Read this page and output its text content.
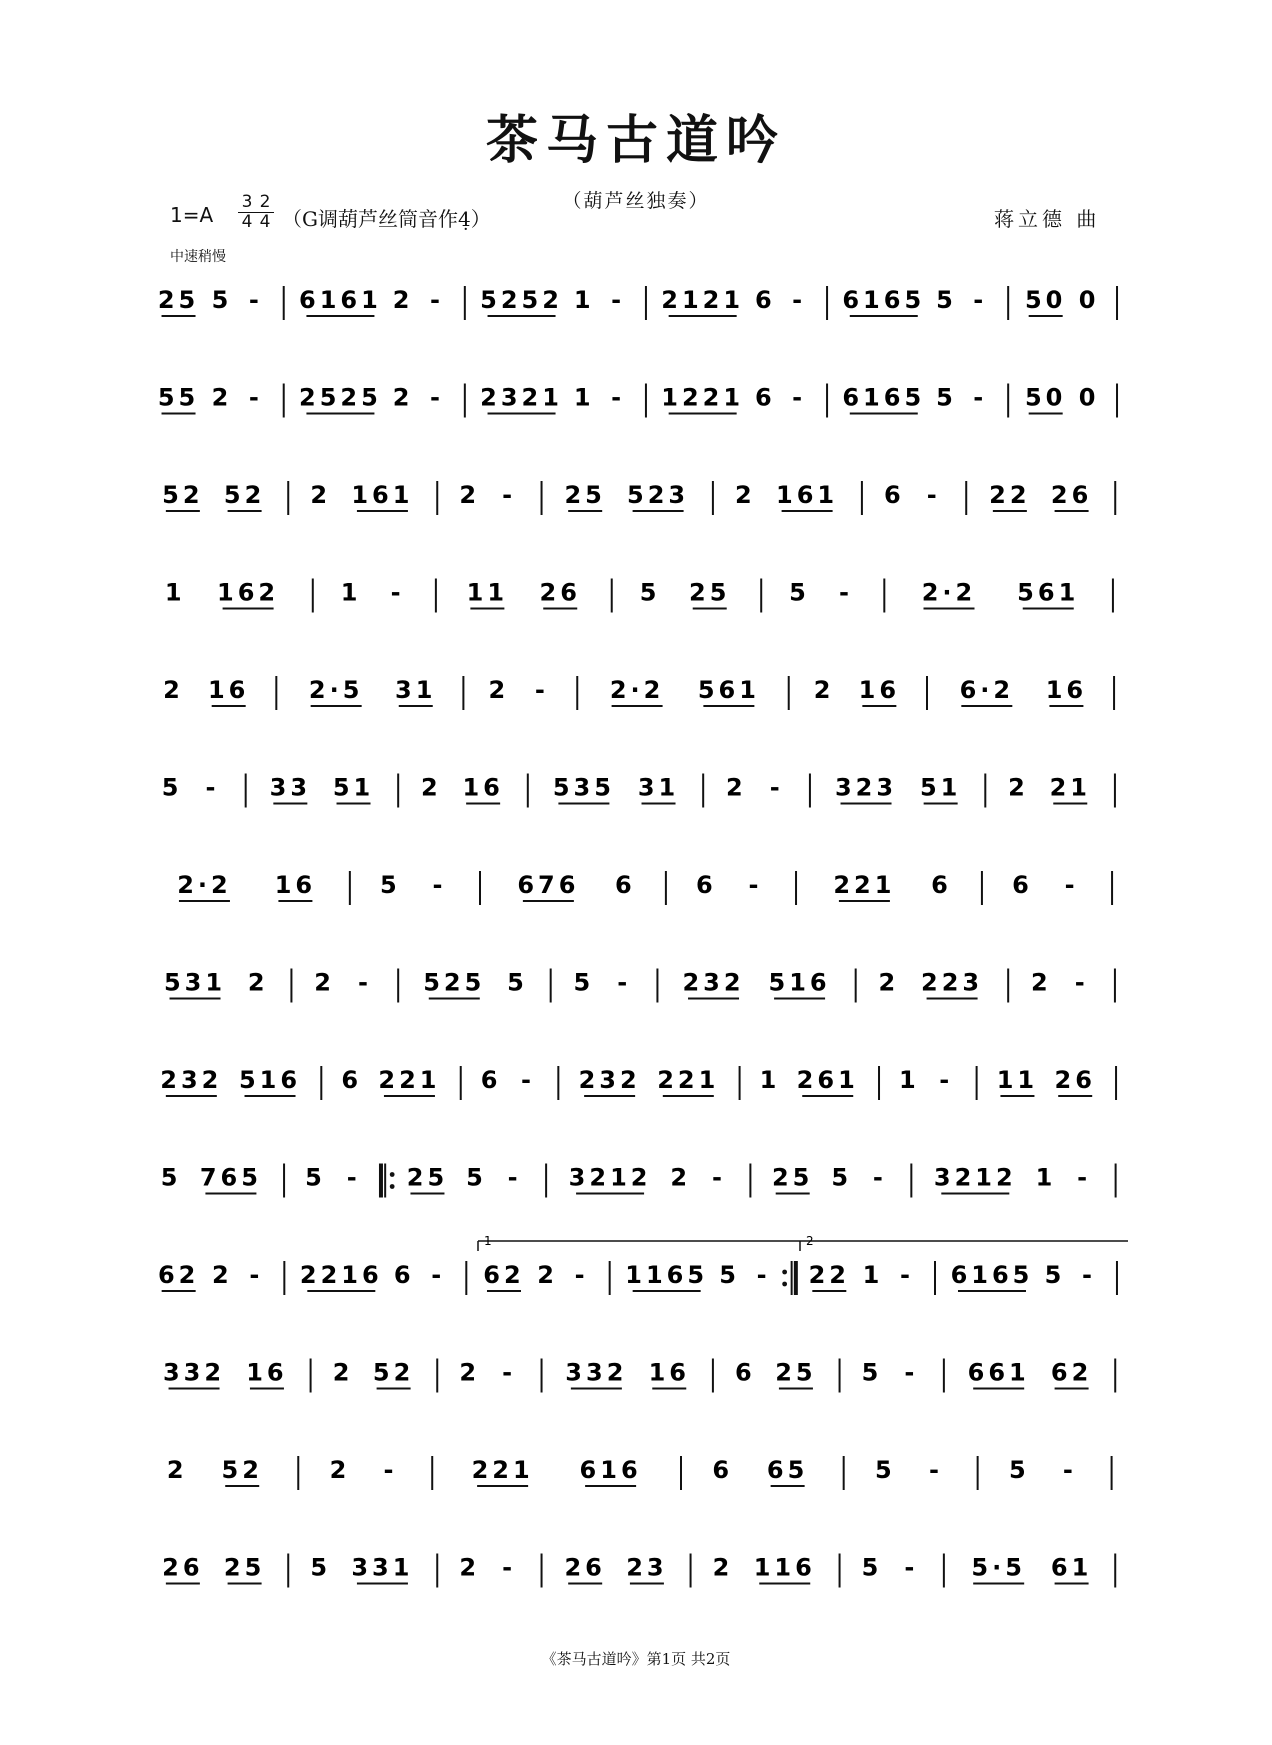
茶马古道吟
（葫芦丝独奏）
$1=A \frac{3}{4} \frac{2}{4} (G$调葫芦丝筒音作4̣）	蒋立德 曲
中速稍慢
25 5 - 6161 2 - 5252 1 - 2121 6 - 6165 5 - 50 0
55 2 - 2525 2 - 2321 1 - 1221 6 - 6165 5 - 50 0
52 52 2 161 2 - 25 523 2 161 6 - 22 26
1 162	1 -	11 26 5 25 5 -	2·2 561
2 16 2·5 31 2 -	2·2 561 2 16 6·2 16
5 - 33 51 2 16 535 31 2 - 323 51 2 21
2·2 16	5 -	676 6	6 -	221 6	6 -
531 2 2 - 525 5 5 - 232 516 2 223 2 -
232 516 6 221 6 - 232 221 1 261 1 - 11 26
5 765 5 - 25 5 - 3212 2 - 25 5 - 3212 1 -
62 2 - 2216 6 - 62 2 - 1165 5 - 22 1 - 6165 5 -
332 16 2 52 2 - 332 16 6 25 5 - 661 62
2 52	2 -	221 616	6 65	5 -	5 -
26 25 5 331 2 - 26 23 2 116 5 - 5·5 61
1	2
《茶马古道吟》第1页 共2页
